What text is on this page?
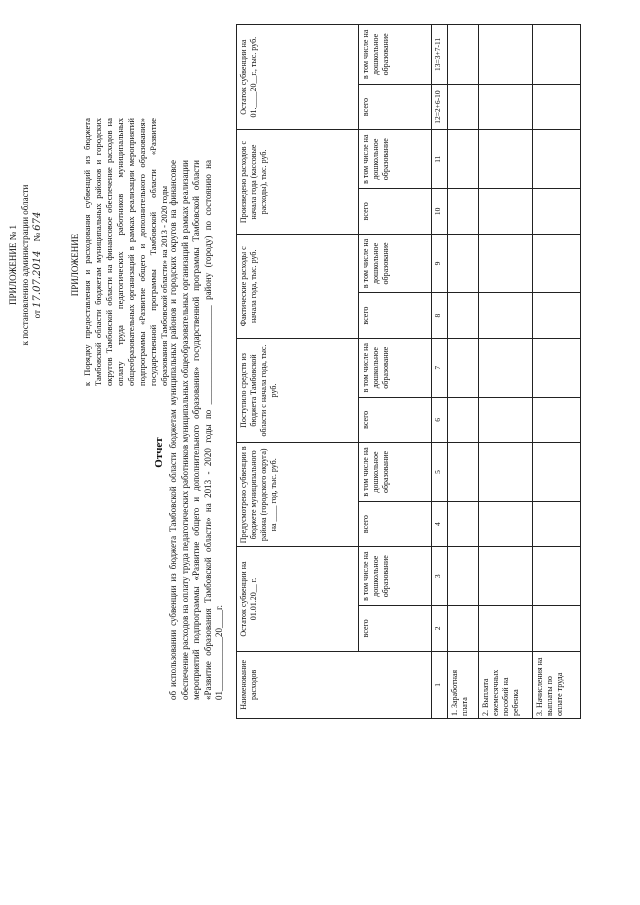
ПРИЛОЖЕНИЕ № 1 к постановлению администрации области от 17.07.2014    № 674
ПРИЛОЖЕНИЕ к Порядку предоставления и расходования субвенций из бюджета Тамбовской области бюджетам муниципальных районов и городских округов Тамбовской области на финансовое обеспечение расходов на оплату труда педагогических работников муниципальных общеобразовательных организаций в рамках реализации мероприятий подпрограммы «Развитие общего и дополнительного образования» государственной программы Тамбовской области «Развитие образования Тамбовской области» на 2013 - 2020 годы
Отчет об использовании субвенции из бюджета Тамбовской области бюджетам муниципальных районов и городских округов на финансовое обеспечение расходов на оплату труда педагогических работников муниципальных общеобразовательных организаций в рамках реализации мероприятий подпрограммы «Развитие общего и дополнительного образования» государственной программы Тамбовской области «Развитие образования Тамбовской области» на 2013 - 2020 годы по ______________________ району (городу) по состоянию на 01____________20____г. Наименование расходов	Остаток субвенции на 01.01.20__ г.		Предусмотрено субвенции в бюджете муниципального района (городского округа) на ____ год, тыс. руб.		Поступило средств из бюджета Тамбовской области с начала года, тыс. руб.		Фактические расходы с начала года, тыс. руб.		Произведено расходов с начала года (кассовые расходы), тыс. руб.		Остаток субвенции на 01.____20__г., тыс. руб.	
	всего	в том числе на дошкольное образование	всего	в том числе на дошкольное образование	всего	в том числе на дошкольное образование	всего	в том числе на дошкольное образование	всего	в том числе на дошкольное образование	всего	в том числе на дошкольное образование
1	2	3	4	5	6	7	8	9	10	11	12=2+6-10	13=3+7-11
1. Заработная плата												
2. Выплата ежемесячных пособий на ребенка												
3. Начисления на выплаты по оплате труда												
